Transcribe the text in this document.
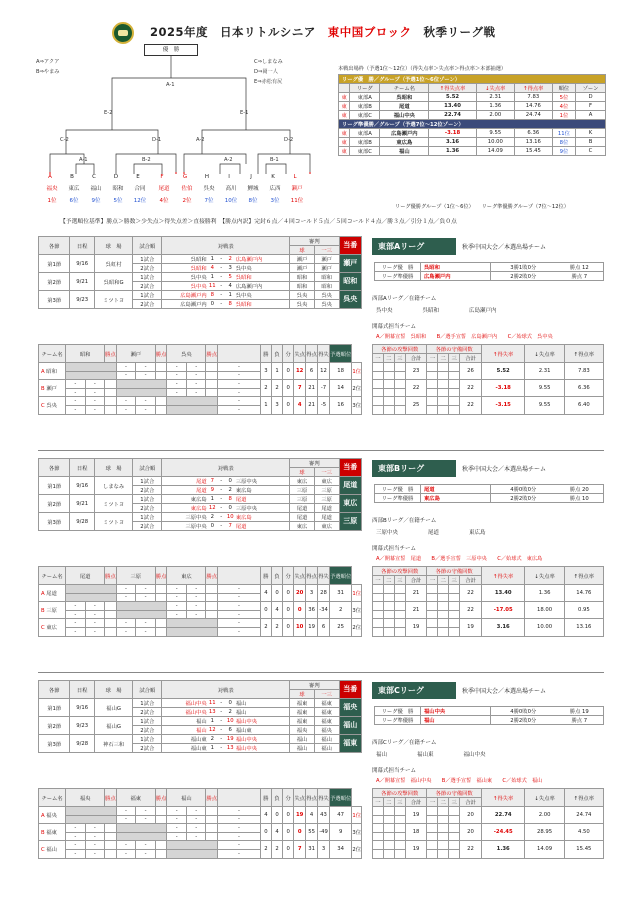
2025年度　日本リトルシニア　 東中国ブロック　 秋季リーグ戦
優　勝
A⇒アクア
B⇒やまみ
C⇒しまなみ
D⇒岡一人
E⇒赤松有尻
A-1
E-2	E-1
C-2	D-1	A-2	D-2
A-1	B-2	A-2	B-1
A	B	C	D	E	F	G	H	I	J	K	L
福央	東広	福山	昭和	合同	尾道	佐伯	呉央	高川	鯉城	広西	瀬戸
1位	6位	9位	5位	12位	4位	2位	7位	10位	8位	3位	11位
本戦出場枠（予選1位〜12位）（得失点率＞失点率＞得点率＞本部抽選）
リーグ優　勝／グループ（予選1位〜6位ゾーン）							
	リーグ	チーム名	↑得失点率	↓失点率	↑得点率	順位	ゾーン
東	東部A	呉昭和	5.52	2.31	7.83	5位	D
東	東部B	尾道	13.40	1.36	14.76	4位	F
東	東部C	福山中央	22.74	2.00	24.74	1位	A
リーグ準優勝／グループ（予選7位〜12位ゾーン）							
東	東部A	広島瀬戸内	-3.18	9.55	6.36	11位	K
東	東部B	東広島	3.16	10.00	13.16	8位	B
東	東部C	福山	1.36	14.09	15.45	9位	C
リーグ優勝グループ（1位〜6位）　　リーグ準優勝グループ（7位〜12位）
【予選順位基準】勝点＞勝数＞少失点＞得失点差＞直接勝利　【勝点内訳】完封６点／４回コールド５点／５回コールド４点／勝３点／引分１点／負０点
各節	日程	球　場	試合順	対戦表					審判		当番
									球	一三	
第1節	9/16	呉虹村	1試合	呉昭和	1	-	2	広島瀬戸内	瀬戸	瀬戸	瀬戸
			2試合	呉昭和	4	-	3	呉中央	瀬戸	瀬戸	
第2節	9/21	呉昭和G	1試合	呉中央	1	-	5	呉昭和	昭和	昭和	昭和
			2試合	呉中央	11	-	4	広島瀬戸内	昭和	昭和	
第3節	9/23	ミツトヨ	1試合	広島瀬戸内	8	-	1	呉中央	呉央	呉央	呉央
			2試合	広島瀬戸内	0	-	8	呉昭和	呉央	呉央	
チーム名	昭和		勝点	瀬戸		勝点	呉央		勝点		勝	負	分	失点	得点	得失	予選順位	
A 昭和				-	-		-	-		-	3	1	0	12	6	12	18	1位
				-	-		-	-		-								
B 瀬戸	-	-					-	-		-	2	2	0	7	21	-7	14	2位
	-	-					-	-		-								
C 呉央	-	-		-	-					-	1	3	0	4	21	-5	16	3位
	-	-		-	-					-								
東部Aリーグ	秋季中国大会／本選出場チーム
リーグ優　勝	呉昭和	3勝1敗0分	勝点 12
リーグ準優勝	広島瀬戸内	2勝2敗0分	勝点 7
西部Aリーグ／在籍チーム
呉中央	呉昭和	広島瀬戸内
開幕式担当チーム
A／開幕宣誓　呉昭和　　B／選手宣誓　広島瀬戸内　　C／始球式　呉中央
各節の攻撃回数				各節の守備回数				↑得失率	↓失点率	↑得点率
一	二	三	合計	一	二	三	合計			
			23				26	5.52	2.31	7.83

			22				22	-3.18	9.55	6.36

			25				22	-3.15	9.55	6.40

各節	日程	球　場	試合順	対戦表					審判		当番
									球	一三	
第1節	9/16	しまなみ	1試合	尾道	7	-	0	三原中央	東広	東広	尾道
			2試合	尾道	9	-	2	東広島	三原	三原	
第2節	9/21	ミツトヨ	1試合	東広島	1	-	8	尾道	三原	三原	東広
			2試合	東広島	12	-	0	三原中央	尾道	尾道	
第3節	9/28	ミツトヨ	1試合	三原中央	2	-	10	東広島	尾道	尾道	三原
			2試合	三原中央	0	-	7	尾道	東広	東広	
チーム名	尾道		勝点	三原		勝点	東広		勝点		勝	負	分	失点	得点	得失	予選順位	
A 尾道				-	-		-	-		-	4	0	0	20	3	28	31	1位
				-	-		-	-		-								
B 三原	-	-					-	-		-	0	4	0	0	36	-34	2	3位
	-	-					-	-		-								
C 東広	-	-		-	-					-	2	2	0	10	19	6	25	2位
	-	-		-	-					-								
東部Bリーグ	秋季中国大会／本選出場チーム
リーグ優　勝	尾道	4勝0敗0分	勝点 20
リーグ準優勝	東広島	2勝2敗0分	勝点 10
西部Bリーグ／在籍チーム
三原中央	尾道	東広島
開幕式担当チーム
A／開幕宣誓　尾道　　B／選手宣誓　三原中央　　C／始球式　東広島
各節の攻撃回数				各節の守備回数				↑得失率	↓失点率	↑得点率
一	二	三	合計	一	二	三	合計			
			21				22	13.40	1.36	14.76

			21				22	-17.05	18.00	0.95

			19				19	3.16	10.00	13.16

各節	日程	球　場	試合順	対戦表					審判		当番
									球	一三	
第1節	9/16	福山G	1試合	福山中央	11	-	0	福山	福東	福東	福央
			2試合	福山中央	13	-	2	福山	福東	福東	
第2節	9/23	福山G	1試合	福山	1	-	10	福山中央	福東	福東	福山
			2試合	福山	12	-	6	福山東	福央	福央	
第3節	9/28	神石三和	1試合	福山東	2	-	19	福山中央	福山	福山	福東
			2試合	福山東	1	-	13	福山中央	福山	福山	
チーム名	福央		勝点	福東		勝点	福山		勝点		勝	負	分	失点	得点	得失	予選順位	
A 福央				-	-		-	-		-	4	0	0	19	4	43	47	1位
				-	-		-	-		-								
B 福東	-	-					-	-		-	0	4	0	0	55	-49	9	3位
	-	-					-	-		-								
C 福山	-	-		-	-					-	2	2	0	7	31	3	34	2位
	-	-		-	-					-								
東部Cリーグ	秋季中国大会／本選出場チーム
リーグ優　勝	福山中央	4勝0敗0分	勝点 19
リーグ準優勝	福山	2勝2敗0分	勝点 7
西部Cリーグ／在籍チーム
福山	福山東	福山中央
開幕式担当チーム
A／開幕宣誓　福山中央　　B／選手宣誓　福山東　　C／始球式　福山
各節の攻撃回数				各節の守備回数				↑得失率	↓失点率	↑得点率
一	二	三	合計	一	二	三	合計			
			19				20	22.74	2.00	24.74

			18				20	-24.45	28.95	4.50

			19				22	1.36	14.09	15.45
